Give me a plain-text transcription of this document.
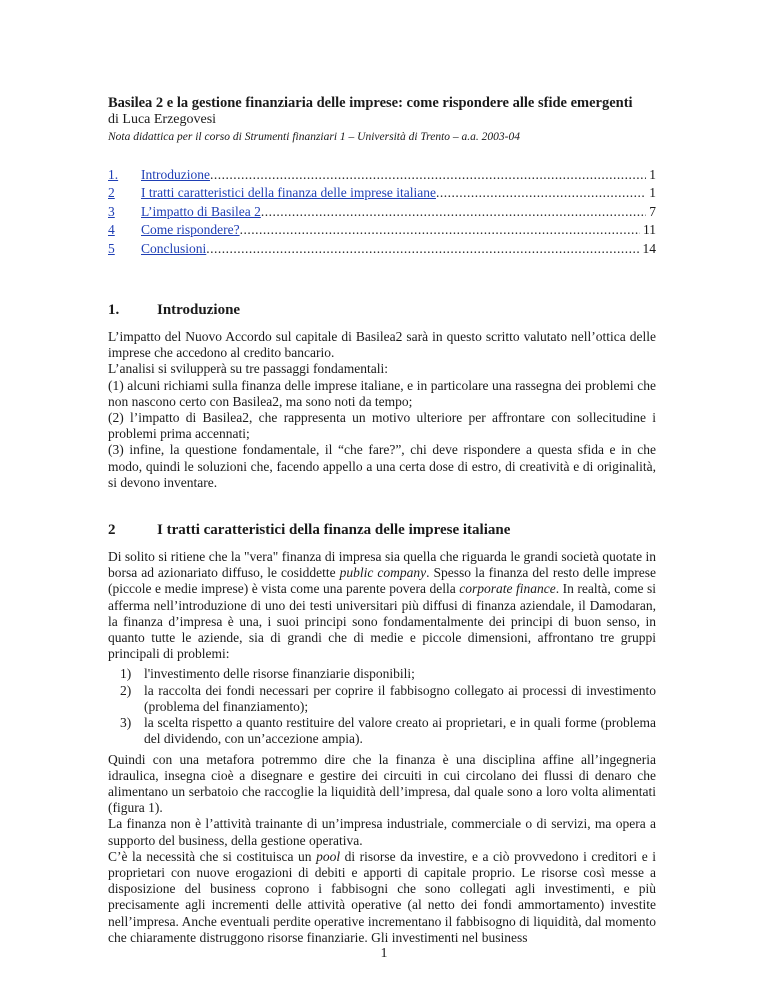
Basilea 2 e la gestione finanziaria delle imprese: come rispondere alle sfide emergenti
di Luca Erzegovesi
Nota didattica per il corso di Strumenti finanziari 1 – Università di Trento – a.a. 2003-04
1.	Introduzione .....	1
2	I tratti caratteristici della finanza delle imprese italiane .....	1
3	L’impatto di Basilea 2 .....	7
4	Come rispondere? .....	11
5	Conclusioni .....	14
1.	Introduzione

L’impatto del Nuovo Accordo sul capitale di Basilea2 sarà in questo scritto valutato nell’ottica delle imprese che accedono al credito bancario.

L’analisi si svilupperà su tre passaggi fondamentali:

(1) alcuni richiami sulla finanza delle imprese italiane, e in particolare una rassegna dei problemi che non nascono certo con Basilea2, ma sono noti da tempo;

(2) l’impatto di Basilea2, che rappresenta un motivo ulteriore per affrontare con sollecitudine i problemi prima accennati;

(3) infine, la questione fondamentale, il “che fare?”, chi deve rispondere a questa sfida e in che modo, quindi le soluzioni che, facendo appello a una certa dose di estro, di creatività e di originalità, si devono inventare.

2	I tratti caratteristici della finanza delle imprese italiane

Di solito si ritiene che la "vera" finanza di impresa sia quella che riguarda le grandi società quotate in borsa ad azionariato diffuso, le cosiddette public company. Spesso la finanza del resto delle imprese (piccole e medie imprese) è vista come una parente povera della corporate finance. In realtà, come si afferma nell’introduzione di uno dei testi universitari più diffusi di finanza aziendale, il Damodaran, la finanza d’impresa è una, i suoi principi sono fondamentalmente dei principi di buon senso, in quanto tutte le aziende, sia di grandi che di medie e piccole dimensioni, affrontano tre gruppi principali di problemi:

1) l'investimento delle risorse finanziarie disponibili;
2) la raccolta dei fondi necessari per coprire il fabbisogno collegato ai processi di investimento (problema del finanziamento);
3) la scelta rispetto a quanto restituire del valore creato ai proprietari, e in quali forme (problema del dividendo, con un’accezione ampia).

Quindi con una metafora potremmo dire che la finanza è una disciplina affine all’ingegneria idraulica, insegna cioè a disegnare e gestire dei circuiti in cui circolano dei flussi di denaro che alimentano un serbatoio che raccoglie la liquidità dell’impresa, dal quale sono a loro volta alimentati (figura 1).

La finanza non è l’attività trainante di un’impresa industriale, commerciale o di servizi, ma opera a supporto del business, della gestione operativa.

C’è la necessità che si costituisca un pool di risorse da investire, e a ciò provvedono i creditori e i proprietari con nuove erogazioni di debiti e apporti di capitale proprio. Le risorse così messe a disposizione del business coprono i fabbisogni che sono collegati agli investimenti, e più precisamente agli incrementi delle attività operative (al netto dei fondi ammortamento) investite nell’impresa. Anche eventuali perdite operative incrementano il fabbisogno di liquidità, dal momento che chiaramente distruggono risorse finanziarie. Gli investimenti nel business

1
